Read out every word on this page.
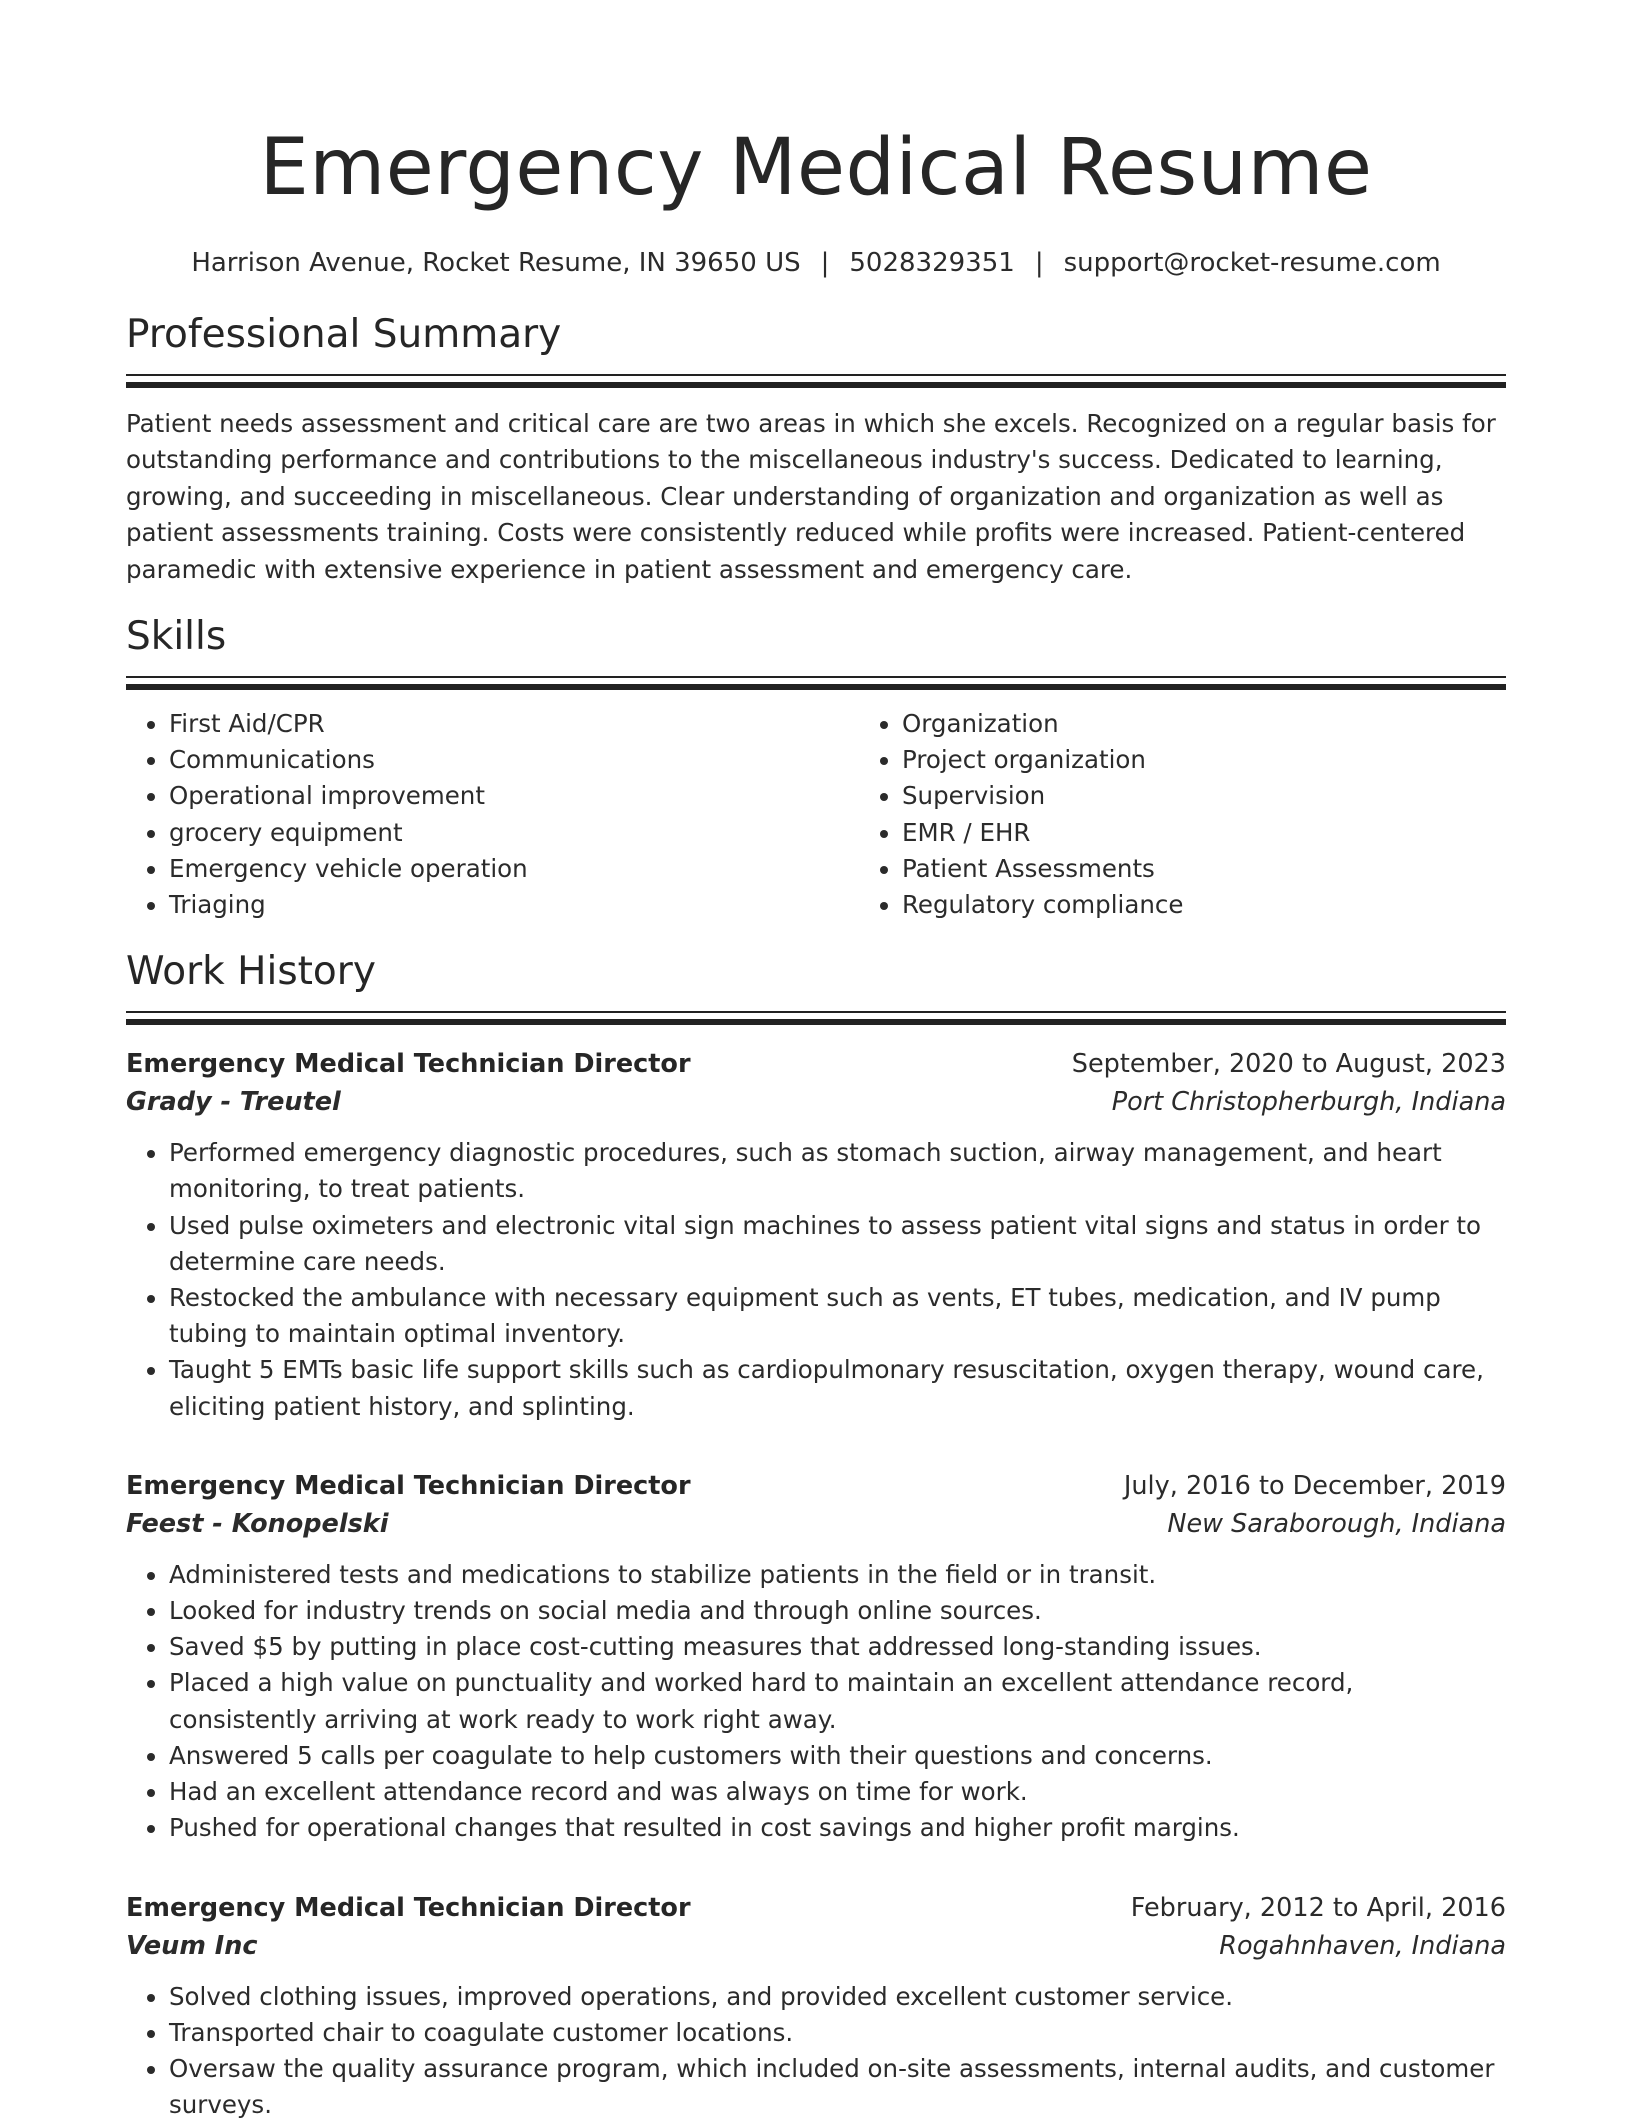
Emergency Medical Resume
Harrison Avenue, Rocket Resume, IN 39650 US | 5028329351 | support@rocket-resume.com
Professional Summary

Patient needs assessment and critical care are two areas in which she excels. Recognized on a regular basis for outstanding performance and contributions to the miscellaneous industry's success. Dedicated to learning, growing, and succeeding in miscellaneous. Clear understanding of organization and organization as well as patient assessments training. Costs were consistently reduced while profits were increased. Patient-centered paramedic with extensive experience in patient assessment and emergency care.

Skills
• First Aid/CPR
• Communications
• Operational improvement
• grocery equipment
• Emergency vehicle operation
• Triaging
• Organization
• Project organization
• Supervision
• EMR / EHR
• Patient Assessments
• Regulatory compliance
Work History
Emergency Medical Technician Director	September, 2020 to August, 2023
Grady - Treutel	Port Christopherburgh, Indiana
• Performed emergency diagnostic procedures, such as stomach suction, airway management, and heart monitoring, to treat patients.
• Used pulse oximeters and electronic vital sign machines to assess patient vital signs and status in order to determine care needs.
• Restocked the ambulance with necessary equipment such as vents, ET tubes, medication, and IV pump tubing to maintain optimal inventory.
• Taught 5 EMTs basic life support skills such as cardiopulmonary resuscitation, oxygen therapy, wound care, eliciting patient history, and splinting.
Emergency Medical Technician Director	July, 2016 to December, 2019
Feest - Konopelski	New Saraborough, Indiana
• Administered tests and medications to stabilize patients in the field or in transit.
• Looked for industry trends on social media and through online sources.
• Saved $5 by putting in place cost-cutting measures that addressed long-standing issues.
• Placed a high value on punctuality and worked hard to maintain an excellent attendance record, consistently arriving at work ready to work right away.
• Answered 5 calls per coagulate to help customers with their questions and concerns.
• Had an excellent attendance record and was always on time for work.
• Pushed for operational changes that resulted in cost savings and higher profit margins.
Emergency Medical Technician Director	February, 2012 to April, 2016
Veum Inc	Rogahnhaven, Indiana
• Solved clothing issues, improved operations, and provided excellent customer service.
• Transported chair to coagulate customer locations.
• Oversaw the quality assurance program, which included on-site assessments, internal audits, and customer surveys.
